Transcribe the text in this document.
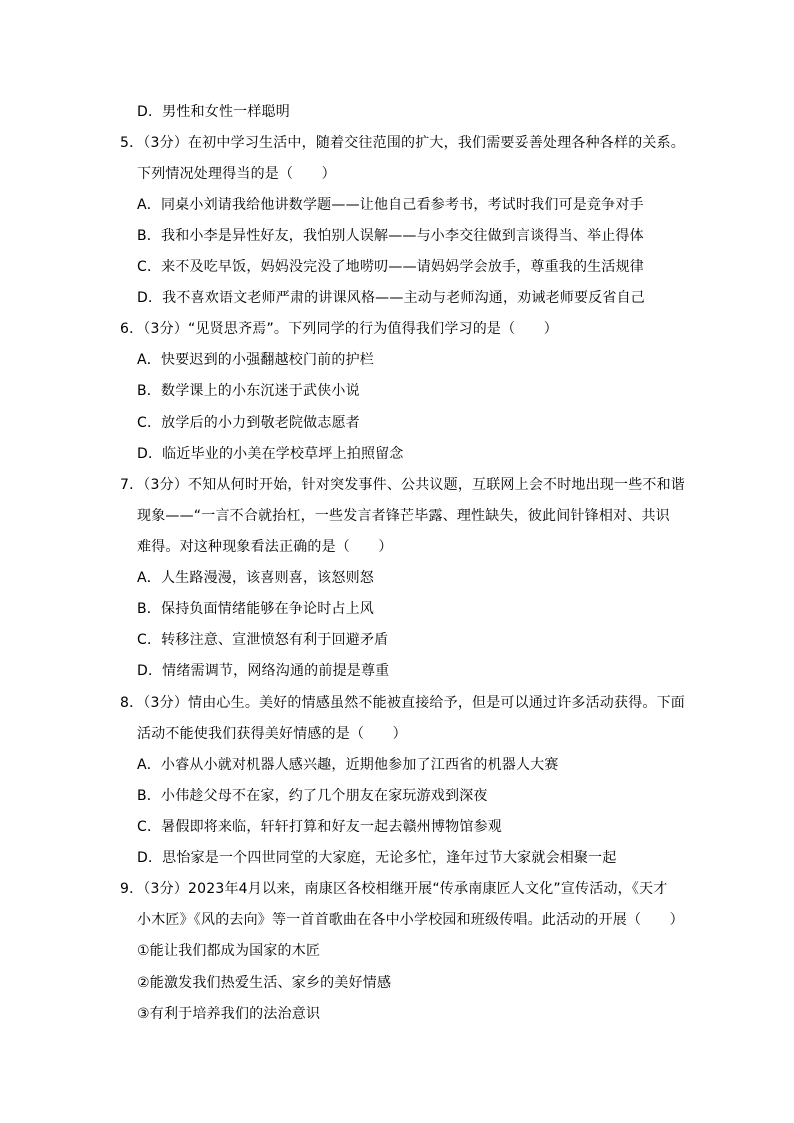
D．男性和女性一样聪明
5．（3分）在初中学习生活中，随着交往范围的扩大，我们需要妥善处理各种各样的关系。
下列情况处理得当的是（　　）
A．同桌小刘请我给他讲数学题——让他自己看参考书，考试时我们可是竞争对手
B．我和小李是异性好友，我怕别人误解——与小李交往做到言谈得当、举止得体
C．来不及吃早饭，妈妈没完没了地唠叨——请妈妈学会放手，尊重我的生活规律
D．我不喜欢语文老师严肃的讲课风格——主动与老师沟通，劝诫老师要反省自己
6．（3分）“见贤思齐焉”。下列同学的行为值得我们学习的是（　　）
A．快要迟到的小强翻越校门前的护栏
B．数学课上的小东沉迷于武侠小说
C．放学后的小力到敬老院做志愿者
D．临近毕业的小美在学校草坪上拍照留念
7．（3分）不知从何时开始，针对突发事件、公共议题，互联网上会不时地出现一些不和谐
现象——“一言不合就抬杠，一些发言者锋芒毕露、理性缺失，彼此间针锋相对、共识
难得。对这种现象看法正确的是（　　）
A．人生路漫漫，该喜则喜，该怒则怒
B．保持负面情绪能够在争论时占上风
C．转移注意、宣泄愤怒有利于回避矛盾
D．情绪需调节，网络沟通的前提是尊重
8．（3分）情由心生。美好的情感虽然不能被直接给予，但是可以通过许多活动获得。下面
活动不能使我们获得美好情感的是（　　）
A．小睿从小就对机器人感兴趣，近期他参加了江西省的机器人大赛
B．小伟趁父母不在家，约了几个朋友在家玩游戏到深夜
C．暑假即将来临，轩轩打算和好友一起去赣州博物馆参观
D．思怡家是一个四世同堂的大家庭，无论多忙，逢年过节大家就会相聚一起
9．（3分）2023年4月以来，南康区各校相继开展“传承南康匠人文化”宣传活动，《天才
小木匠》《风的去向》等一首首歌曲在各中小学校园和班级传唱。此活动的开展（　　）
①能让我们都成为国家的木匠
②能激发我们热爱生活、家乡的美好情感
③有利于培养我们的法治意识
